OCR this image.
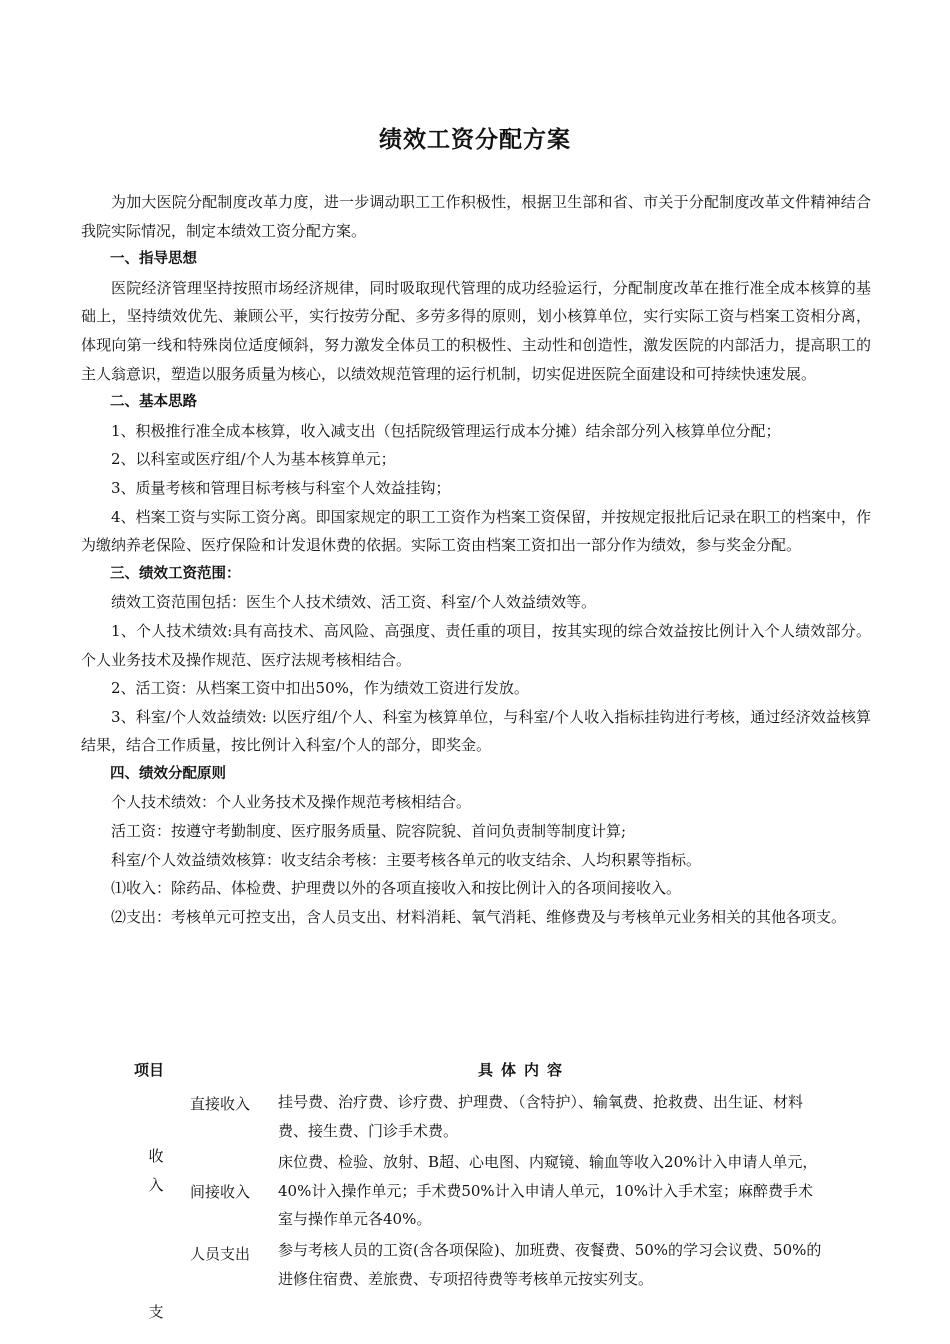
绩效工资分配方案

为加大医院分配制度改革力度，进一步调动职工工作积极性，根据卫生部和省、市关于分配制度改革文件精神结合我院实际情况，制定本绩效工资分配方案。

一、指导思想

医院经济管理坚持按照市场经济规律，同时吸取现代管理的成功经验运行，分配制度改革在推行准全成本核算的基础上，坚持绩效优先、兼顾公平，实行按劳分配、多劳多得的原则，划小核算单位，实行实际工资与档案工资相分离，体现向第一线和特殊岗位适度倾斜，努力激发全体员工的积极性、主动性和创造性，激发医院的内部活力，提高职工的主人翁意识，塑造以服务质量为核心，以绩效规范管理的运行机制，切实促进医院全面建设和可持续快速发展。

二、基本思路

1、积极推行准全成本核算，收入减支出（包括院级管理运行成本分摊）结余部分列入核算单位分配；

2、以科室或医疗组/个人为基本核算单元；

3、质量考核和管理目标考核与科室个人效益挂钩；

4、档案工资与实际工资分离。即国家规定的职工工资作为档案工资保留，并按规定报批后记录在职工的档案中，作为缴纳养老保险、医疗保险和计发退休费的依据。实际工资由档案工资扣出一部分作为绩效，参与奖金分配。

三、绩效工资范围：

绩效工资范围包括：医生个人技术绩效、活工资、科室/个人效益绩效等。

1、个人技术绩效:具有高技术、高风险、高强度、责任重的项目，按其实现的综合效益按比例计入个人绩效部分。个人业务技术及操作规范、医疗法规考核相结合。

2、活工资：从档案工资中扣出50%，作为绩效工资进行发放。

3、科室/个人效益绩效: 以医疗组/个人、科室为核算单位，与科室/个人收入指标挂钩进行考核，通过经济效益核算结果，结合工作质量，按比例计入科室/个人的部分，即奖金。

四、绩效分配原则

个人技术绩效：个人业务技术及操作规范考核相结合。

活工资：按遵守考勤制度、医疗服务质量、院容院貌、首问负责制等制度计算;

科室/个人效益绩效核算：收支结余考核：主要考核各单元的收支结余、人均积累等指标。

⑴收入：除药品、体检费、护理费以外的各项直接收入和按比例计入的各项间接收入。

⑵支出：考核单元可控支出，含人员支出、材料消耗、氧气消耗、维修费及与考核单元业务相关的其他各项支。

项目	具体内容
直接收入 挂号费、治疗费、诊疗费、护理费、（含特护）、输氧费、抢救费、出生证、材料费、接生费、门诊手术费。
收
入 间接收入
床位费、检验、放射、B超、心电图、内窥镜、输血等收入20%计入申请人单元，40%计入操作单元；手术费50%计入申请人单元，10%计入手术室；麻醉费手术室与操作单元各40%。
人员支出 参与考核人员的工资(含各项保险)、加班费、夜餐费、50%的学习会议费、50%的进修住宿费、差旅费、专项招待费等考核单元按实列支。
支
